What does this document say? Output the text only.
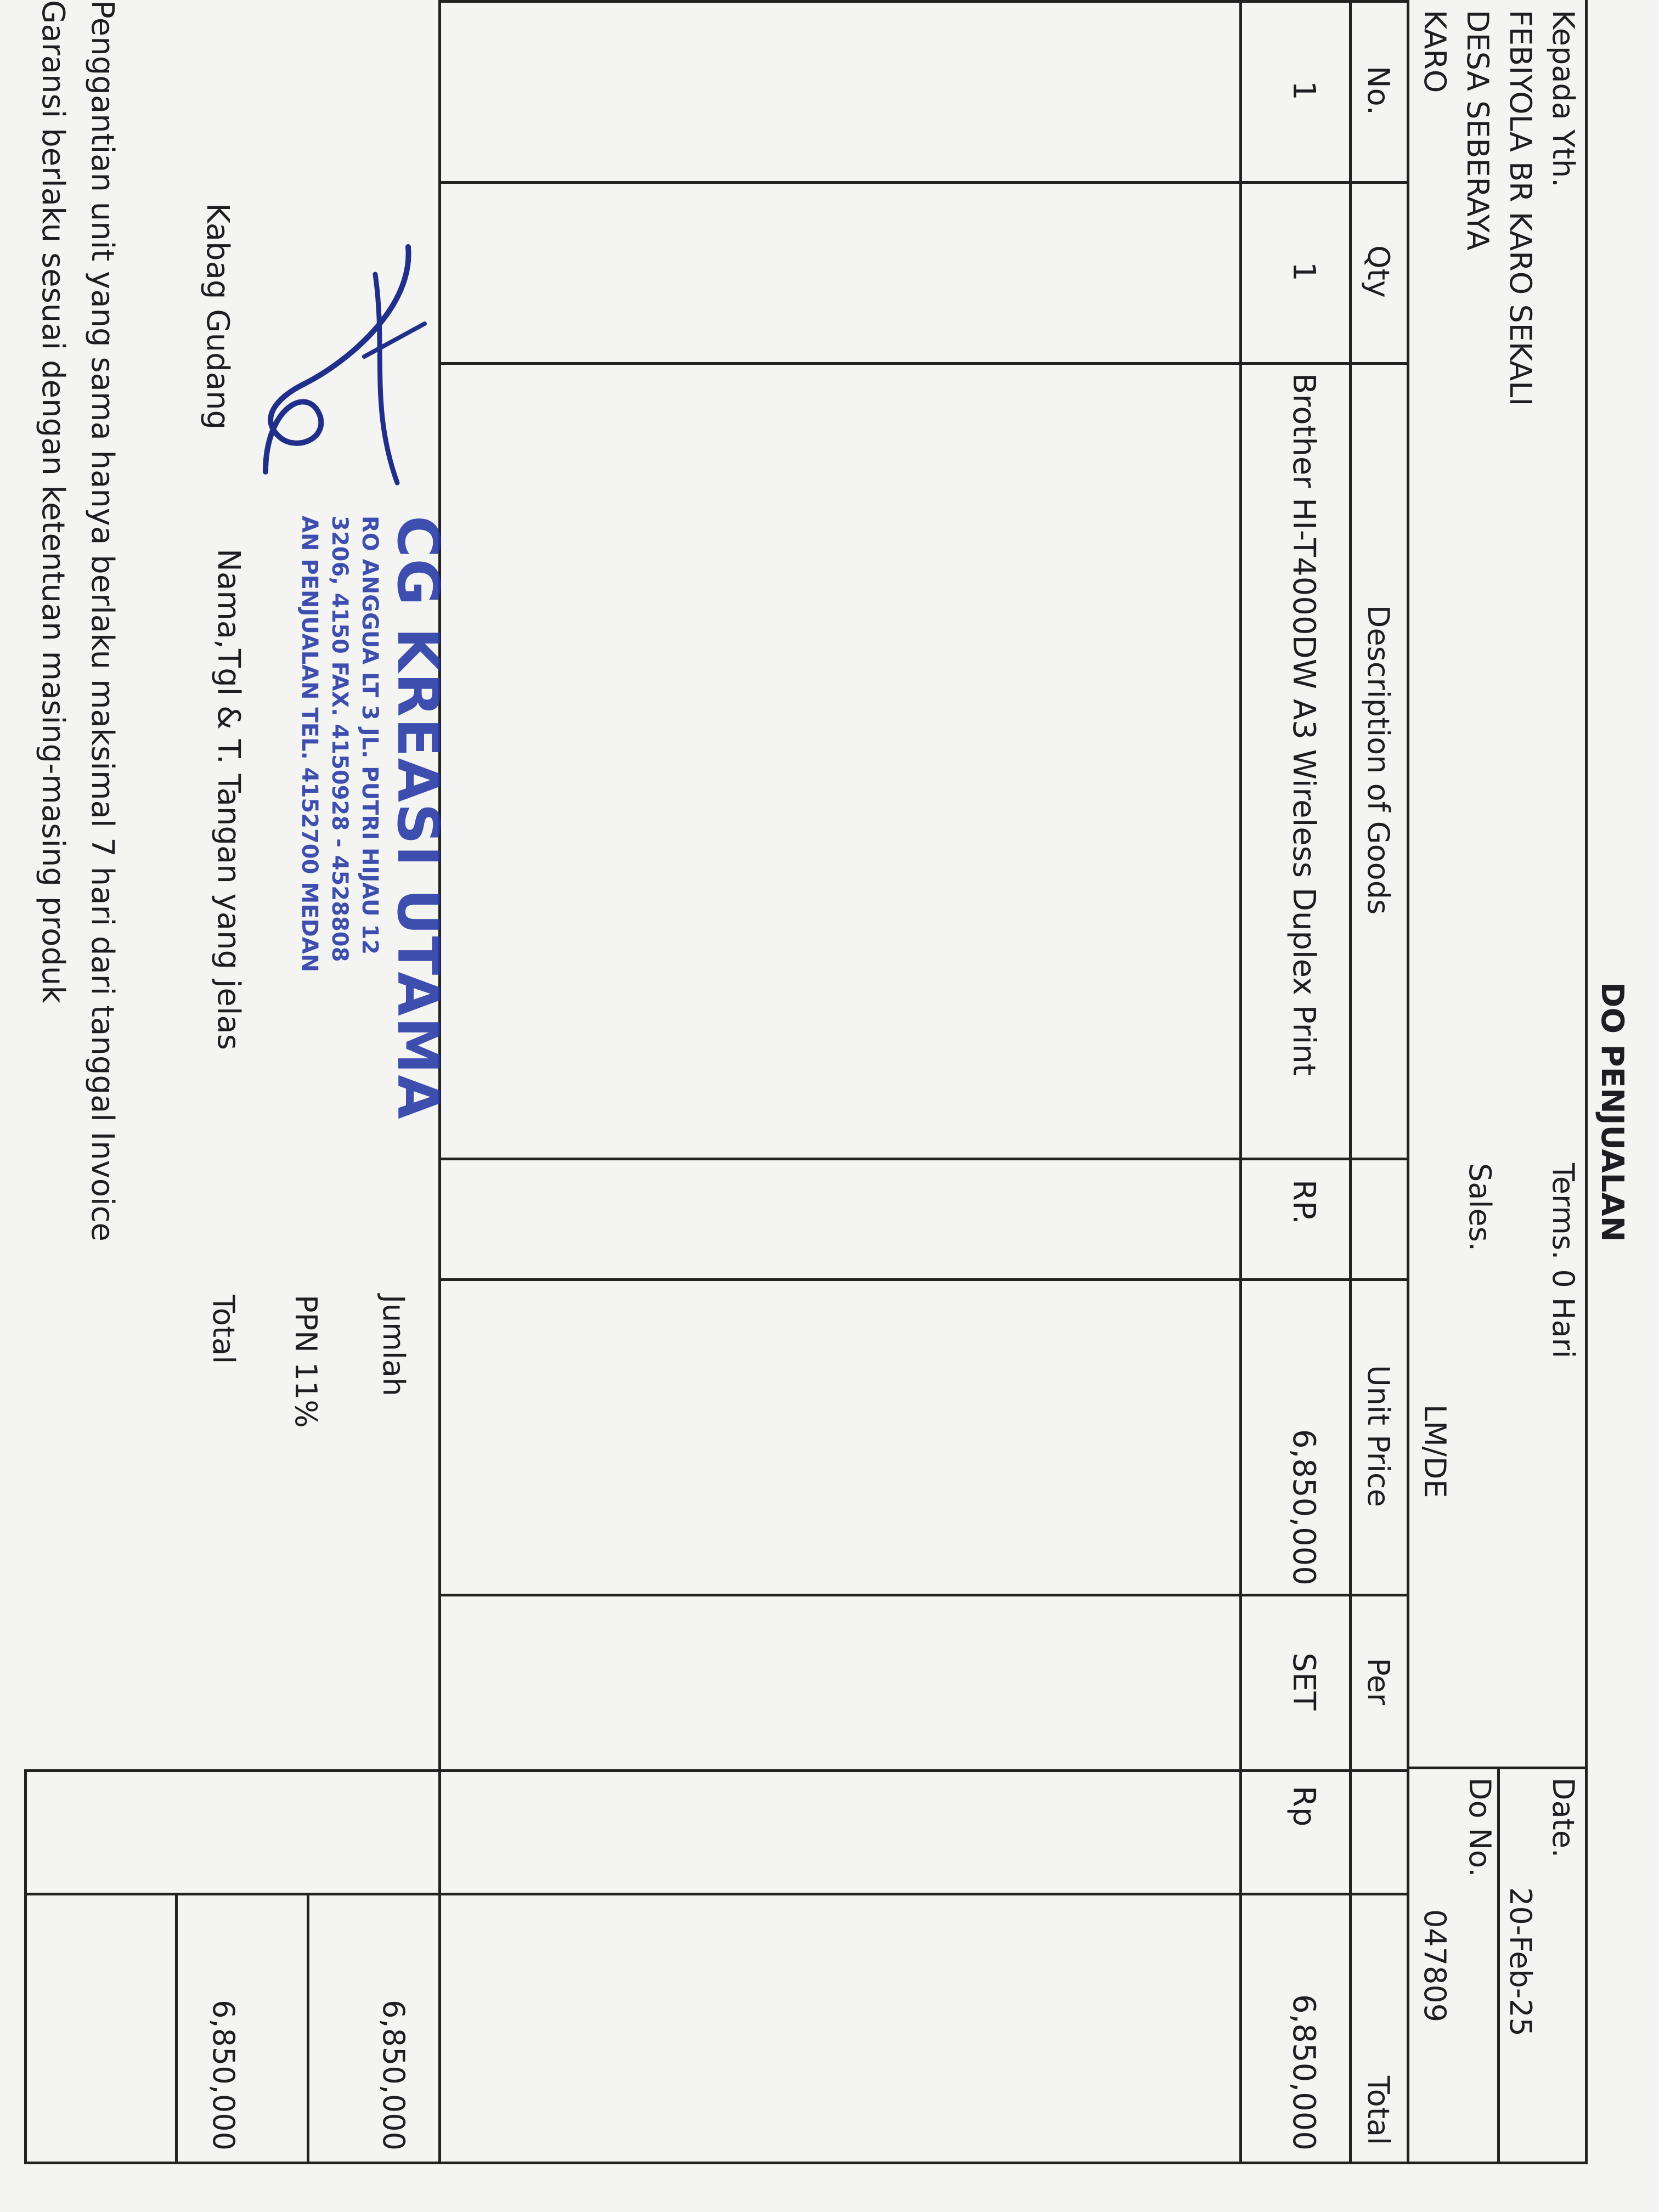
DO PENJUALAN
Kepada Yth.
FEBIYOLA BR KARO SEKALI
DESA SEBERAYA
KARO
Terms. 0 Hari
Sales.
LM/DE
Date.
20-Feb-25
Do No.
047809
No.
Qty
Description of Goods
Unit Price
Per
Total
1
1
Brother HI-T4000DW A3 Wireless Duplex Print
RP.
6,850,000
SET
Rp
6,850,000
Jumlah
6,850,000
PPN 11%
Total
6,850,000
CG KREASI UTAMA
RO ANGGUA LT 3 JL. PUTRI HIJAU 12
3206, 4150 FAX. 4150928 - 4528808
AN PENJUALAN TEL. 4152700 MEDAN
Kabag Gudang
Nama,Tgl & T. Tangan yang jelas
Penggantian unit yang sama hanya berlaku maksimal 7 hari dari tanggal Invoice
Garansi berlaku sesuai dengan ketentuan masing-masing produk
